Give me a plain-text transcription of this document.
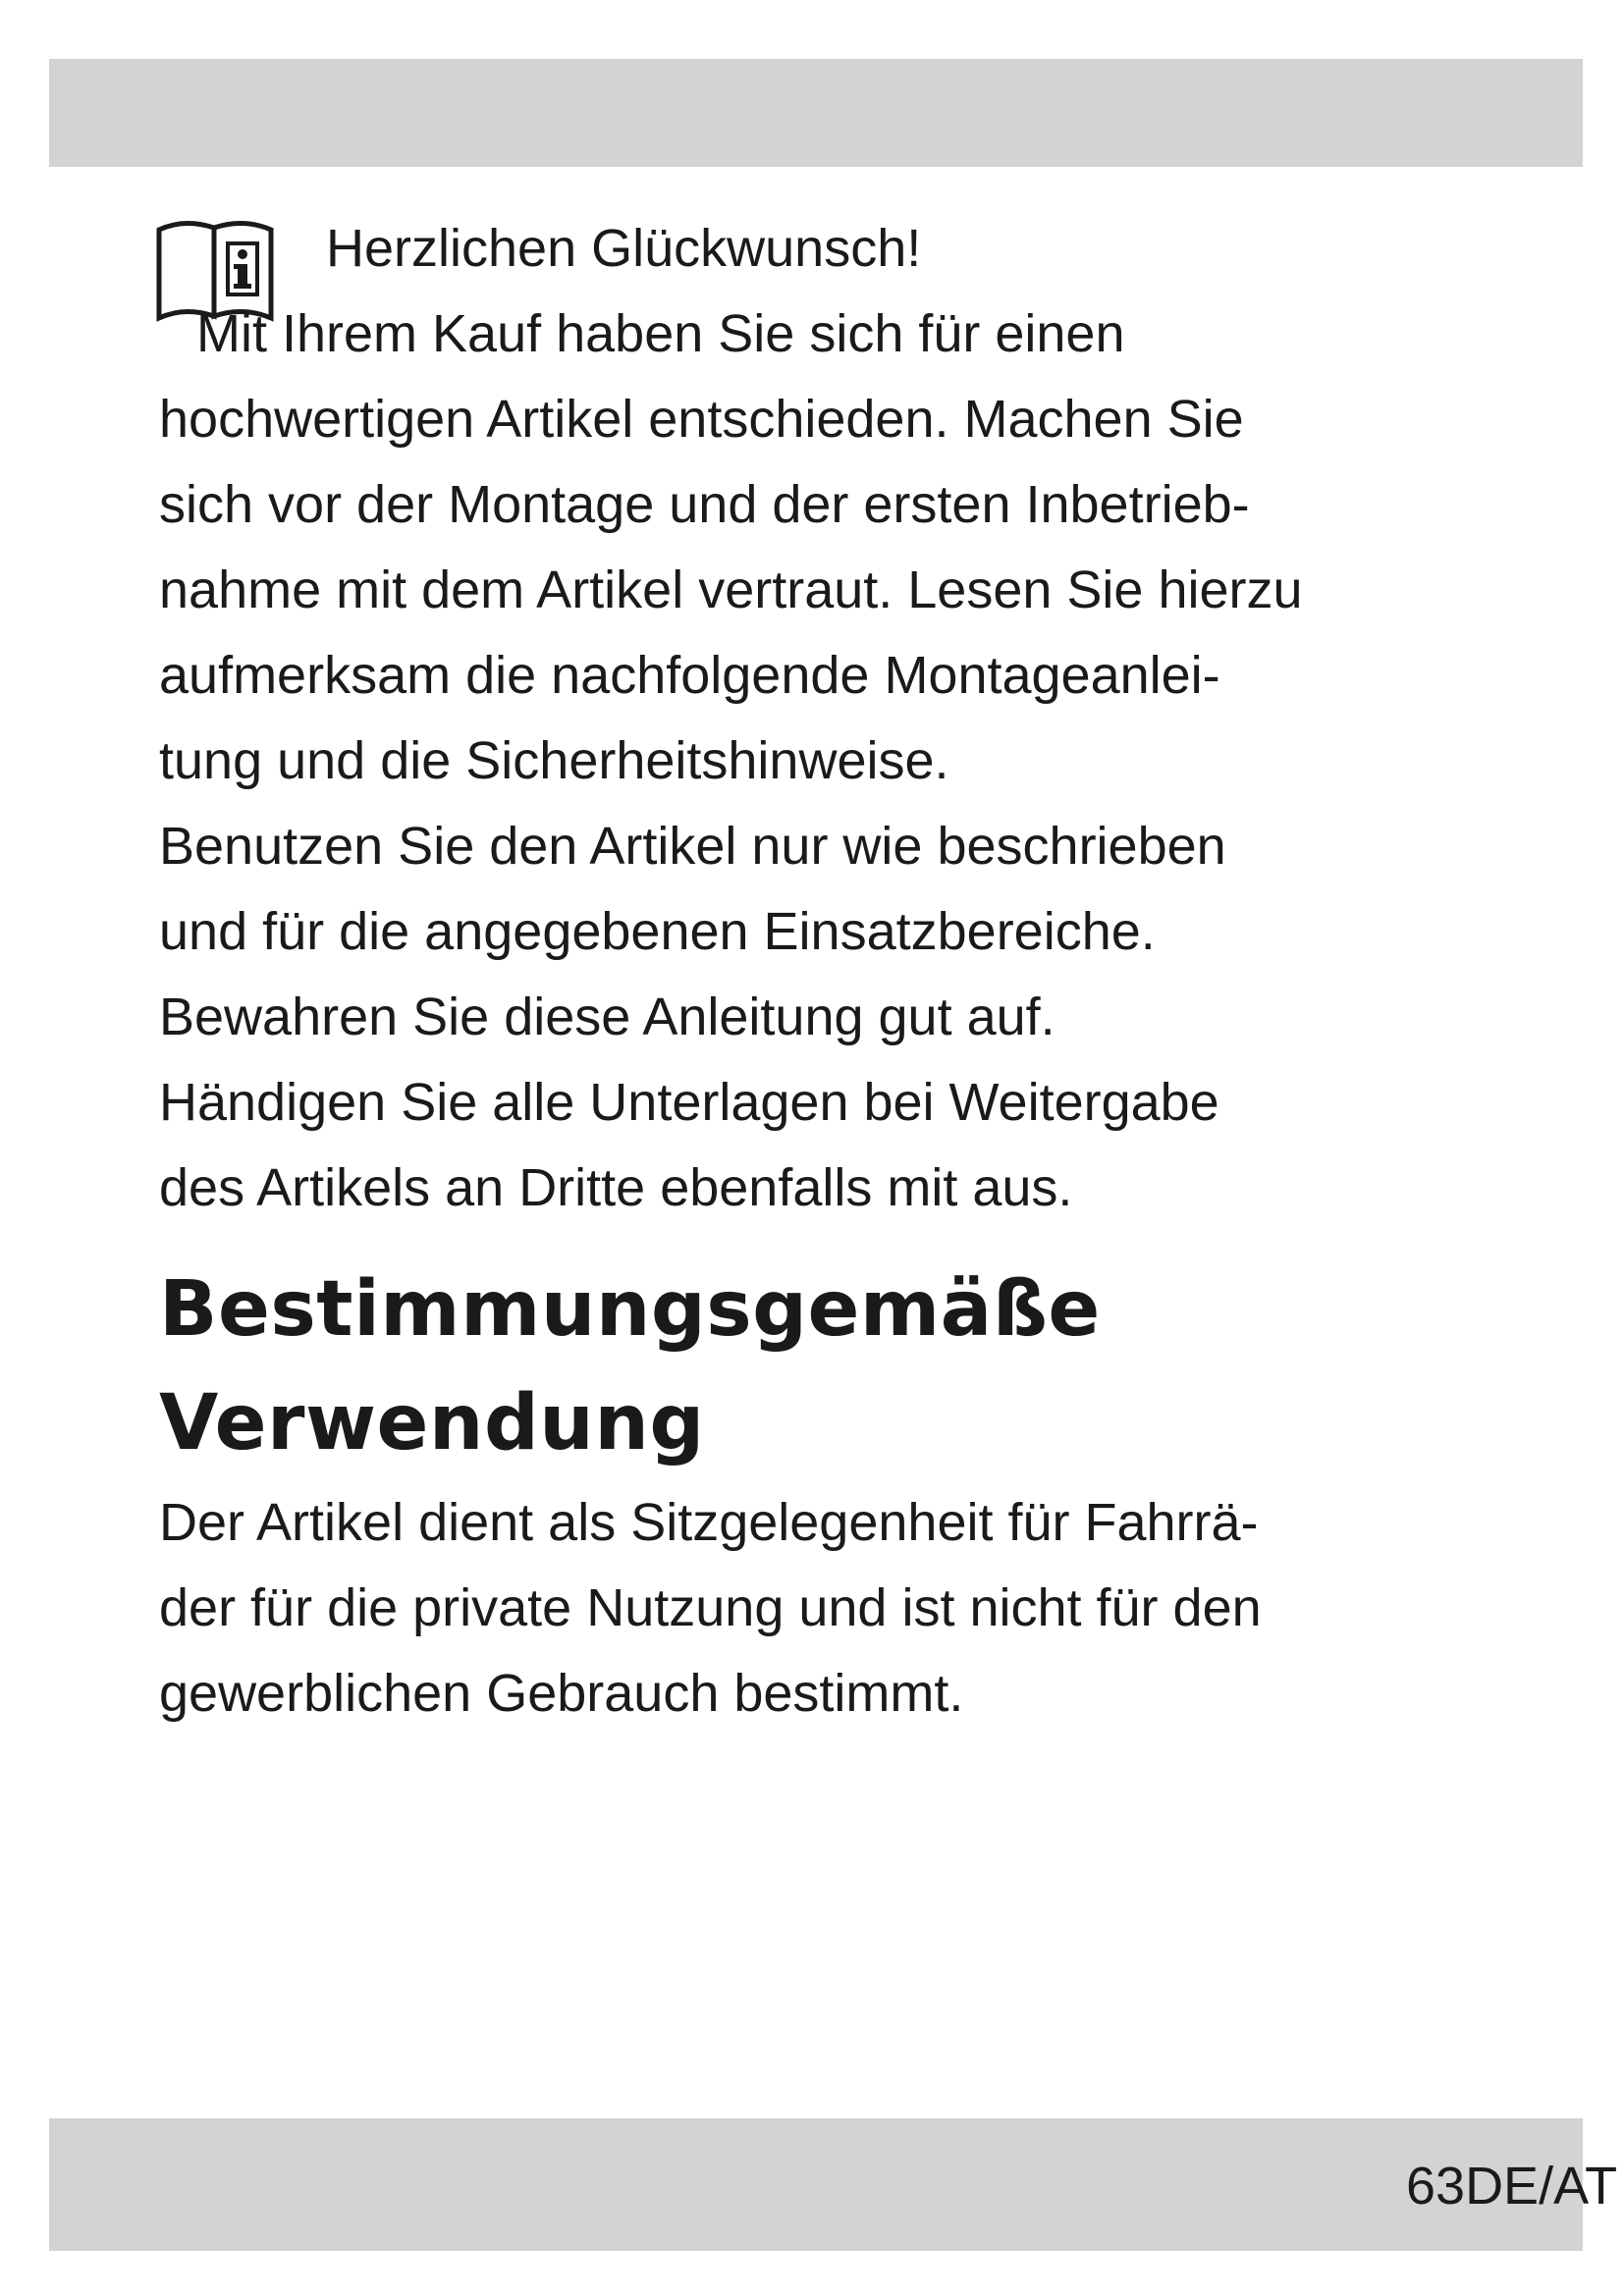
Herzlichen Glückwunsch!

Mit Ihrem Kauf haben Sie sich für einen

hochwertigen Artikel entschieden. Machen Sie
sich vor der Montage und der ersten Inbetrieb-
nahme mit dem Artikel vertraut. Lesen Sie hierzu
aufmerksam die nachfolgende Montageanlei-
tung und die Sicherheitshinweise.
Benutzen Sie den Artikel nur wie beschrieben
und für die angegebenen Einsatzbereiche.
Bewahren Sie diese Anleitung gut auf.
Händigen Sie alle Unterlagen bei Weitergabe
des Artikels an Dritte ebenfalls mit aus.

Bestimmungsgemäße
Verwendung

Der Artikel dient als Sitzgelegenheit für Fahrrä-
der für die private Nutzung und ist nicht für den
gewerblichen Gebrauch bestimmt.

63DE/AT
